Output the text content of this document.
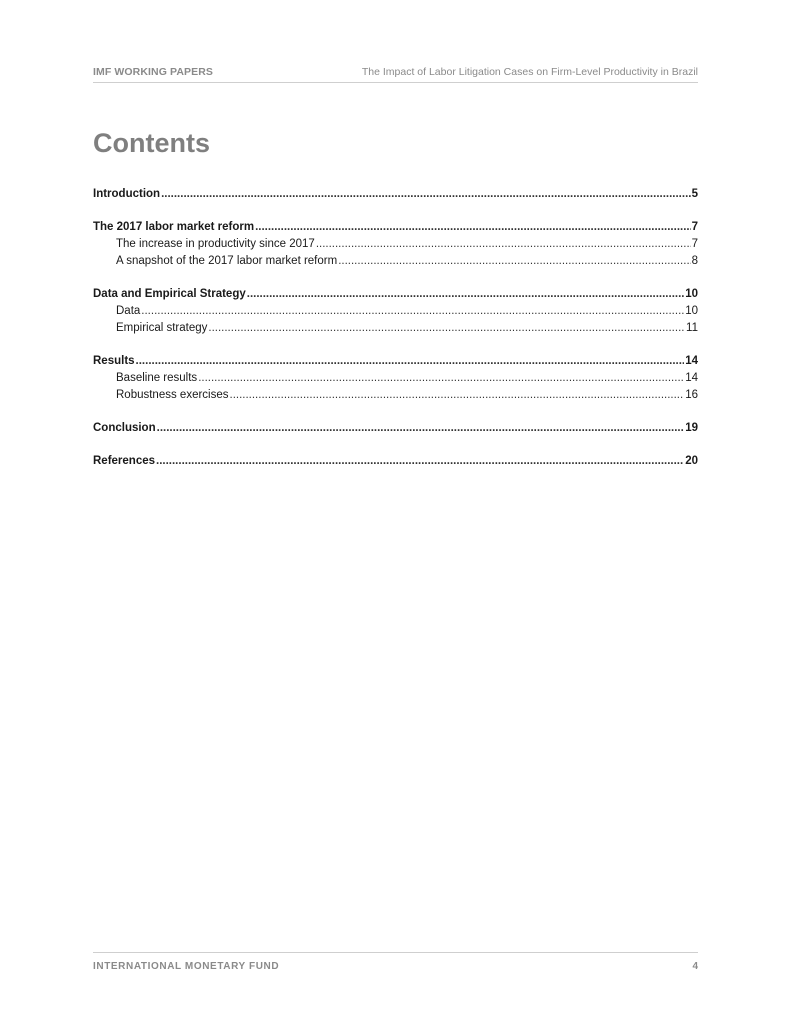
IMF WORKING PAPERS	The Impact of Labor Litigation Cases on Firm-Level Productivity in Brazil
Contents
Introduction .....	5
The 2017 labor market reform .....	7
The increase in productivity since 2017 .....	7
A snapshot of the 2017 labor market reform .....	8
Data and Empirical Strategy .....	10
Data .....	10
Empirical strategy .....	11
Results .....	14
Baseline results .....	14
Robustness exercises .....	16
Conclusion .....	19
References .....	20
INTERNATIONAL MONETARY FUND	4
